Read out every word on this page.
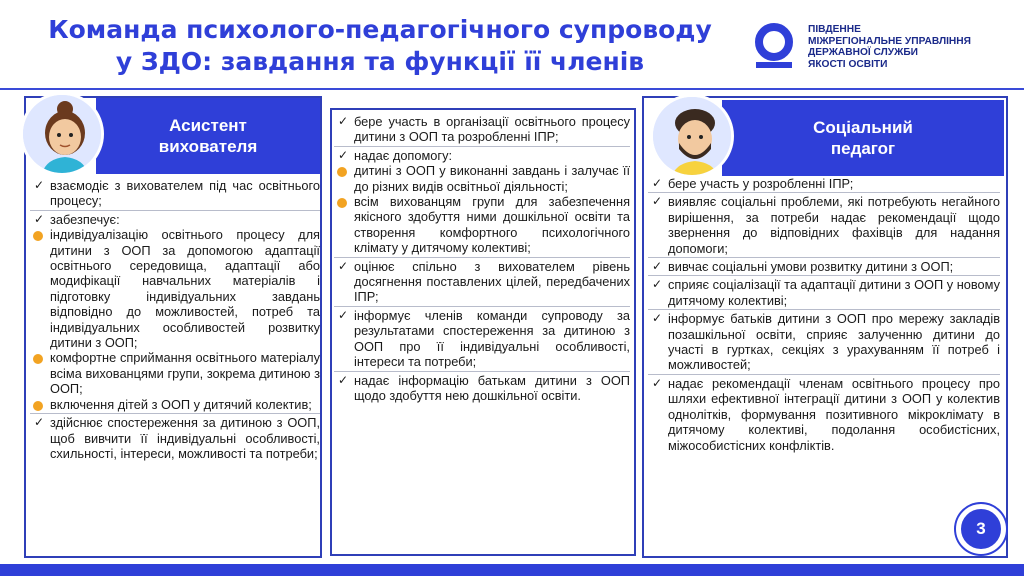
Команда психолого-педагогічного супроводу
у ЗДО: завдання та функції її членів
ПІВДЕННЕ
МІЖРЕГІОНАЛЬНЕ УПРАВЛІННЯ
ДЕРЖАВНОЇ СЛУЖБИ
ЯКОСТІ ОСВІТИ
Асистент
вихователя
Соціальний
педагог
✓ взаємодіє з вихователем під час освітнього процесу;
✓ забезпечує:
індивідуалізацію освітнього процесу для дитини з ООП за допомогою адаптації освітнього середовища, адаптації або модифікації навчальних матеріалів і підготовку індивідуальних завдань відповідно до можливостей, потреб та індивідуальних особливостей розвитку дитини з ООП;
комфортне сприймання освітнього матеріалу всіма вихованцями групи, зокрема дитиною з ООП;
включення дітей з ООП у дитячий колектив;
✓ здійснює спостереження за дитиною з ООП, щоб вивчити її індивідуальні особливості, схильності, інтереси, можливості та потреби;
✓ бере участь в організації освітнього процесу дитини з ООП та розробленні ІПР;
✓ надає допомогу:
дитині з ООП у виконанні завдань і залучає її до різних видів освітньої діяльності;
всім вихованцям групи для забезпечення якісного здобуття ними дошкільної освіти та створення комфортного психологічного клімату у дитячому колективі;
✓ оцінює спільно з вихователем рівень досягнення поставлених цілей, передбачених ІПР;
✓ інформує членів команди супроводу за результатами спостереження за дитиною з ООП про її індивідуальні особливості, інтереси та потреби;
✓ надає інформацію батькам дитини з ООП щодо здобуття нею дошкільної освіти.
✓ бере участь у розробленні ІПР;
✓ виявляє соціальні проблеми, які потребують негайного вирішення, за потреби надає рекомендації щодо звернення до відповідних фахівців для надання допомоги;
✓ вивчає соціальні умови розвитку дитини з ООП;
✓ сприяє соціалізації та адаптації дитини з ООП у новому дитячому колективі;
✓ інформує батьків дитини з ООП про мережу закладів позашкільної освіти, сприяє залученню дитини до участі в гуртках, секціях з урахуванням її потреб і можливостей;
✓ надає рекомендації членам освітнього процесу про шляхи ефективної інтеграції дитини з ООП у колектив однолітків, формування позитивного мікроклімату в дитячому колективі, подолання особистісних, міжособистісних конфліктів.
3
